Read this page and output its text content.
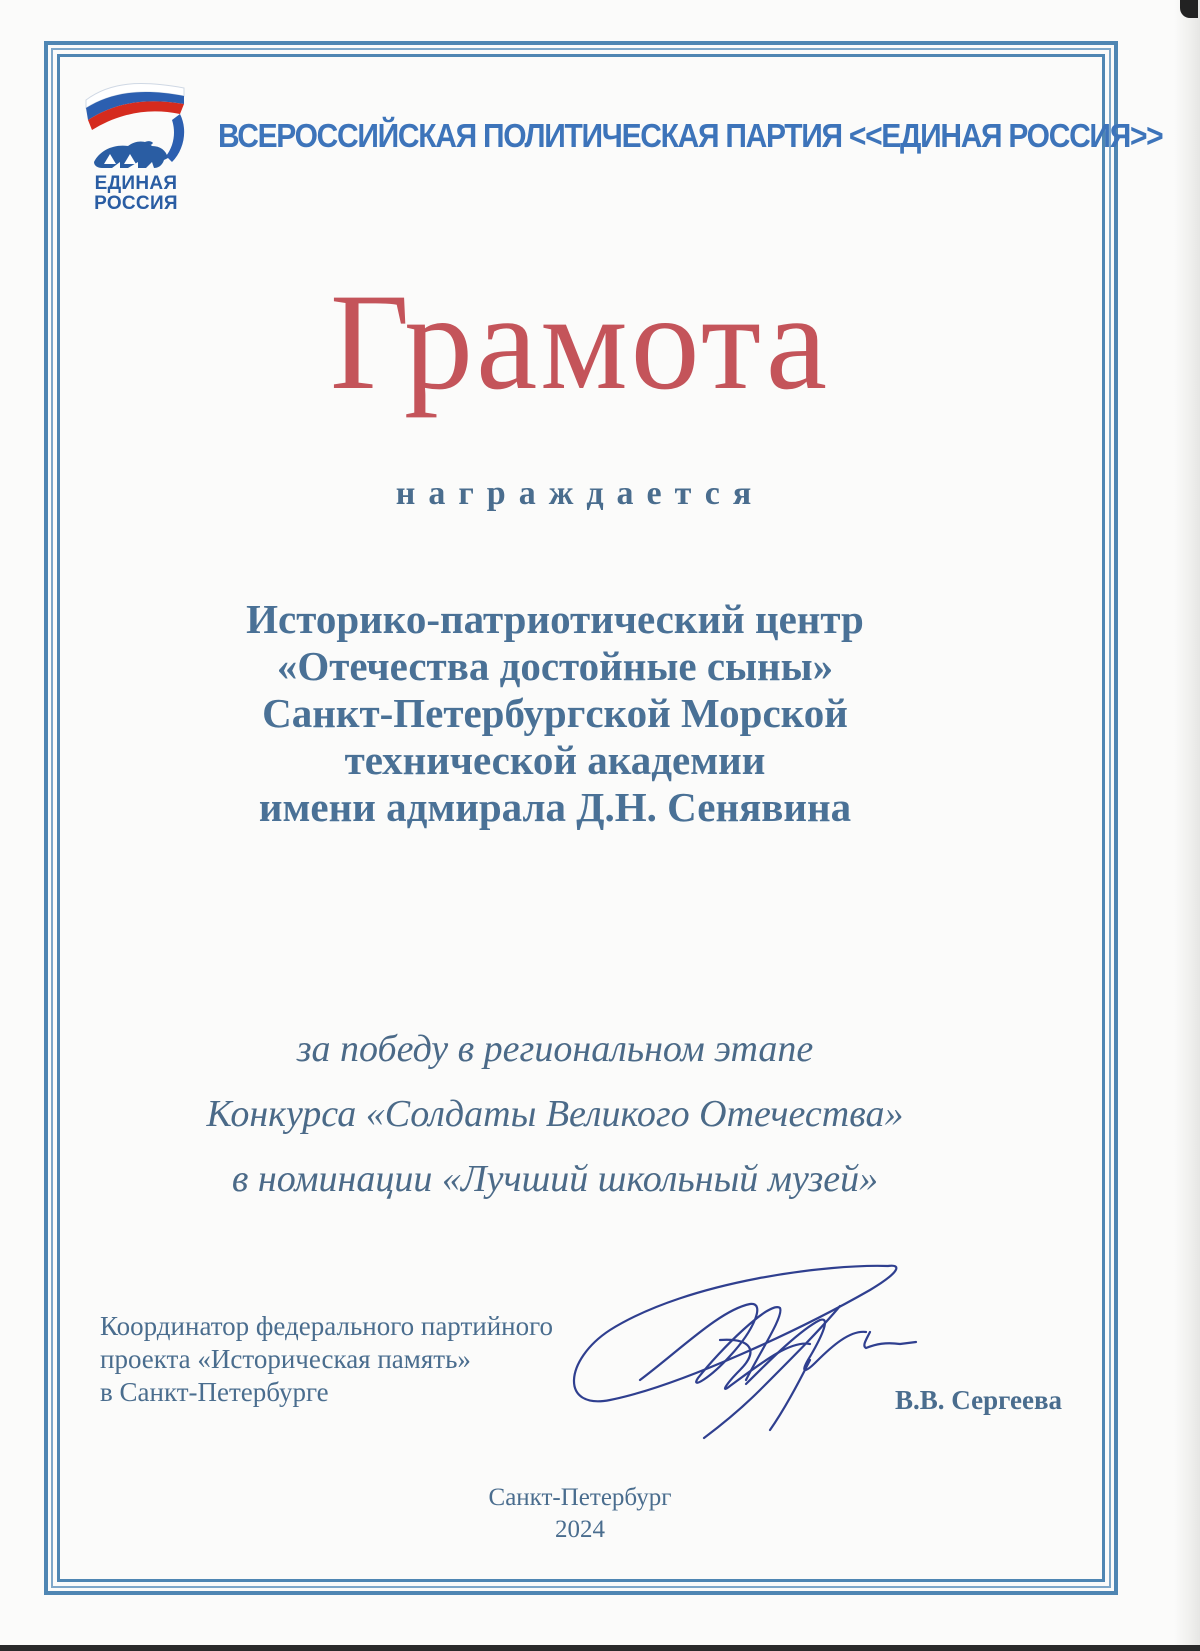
ЕДИНАЯ
РОССИЯ
ВСЕРОССИЙСКАЯ ПОЛИТИЧЕСКАЯ ПАРТИЯ <<ЕДИНАЯ РОССИЯ>>
Грамота
награждается
Историко-патриотический центр
«Отечества достойные сыны»
Санкт-Петербургской Морской
технической академии
имени адмирала Д.Н. Сенявина
за победу в региональном этапе
Конкурса «Солдаты Великого Отечества»
в номинации «Лучший школьный музей»
Координатор федерального партийного
проекта «Историческая память»
в Санкт-Петербурге	В.В. Сергеева
Санкт-Петербург
2024
